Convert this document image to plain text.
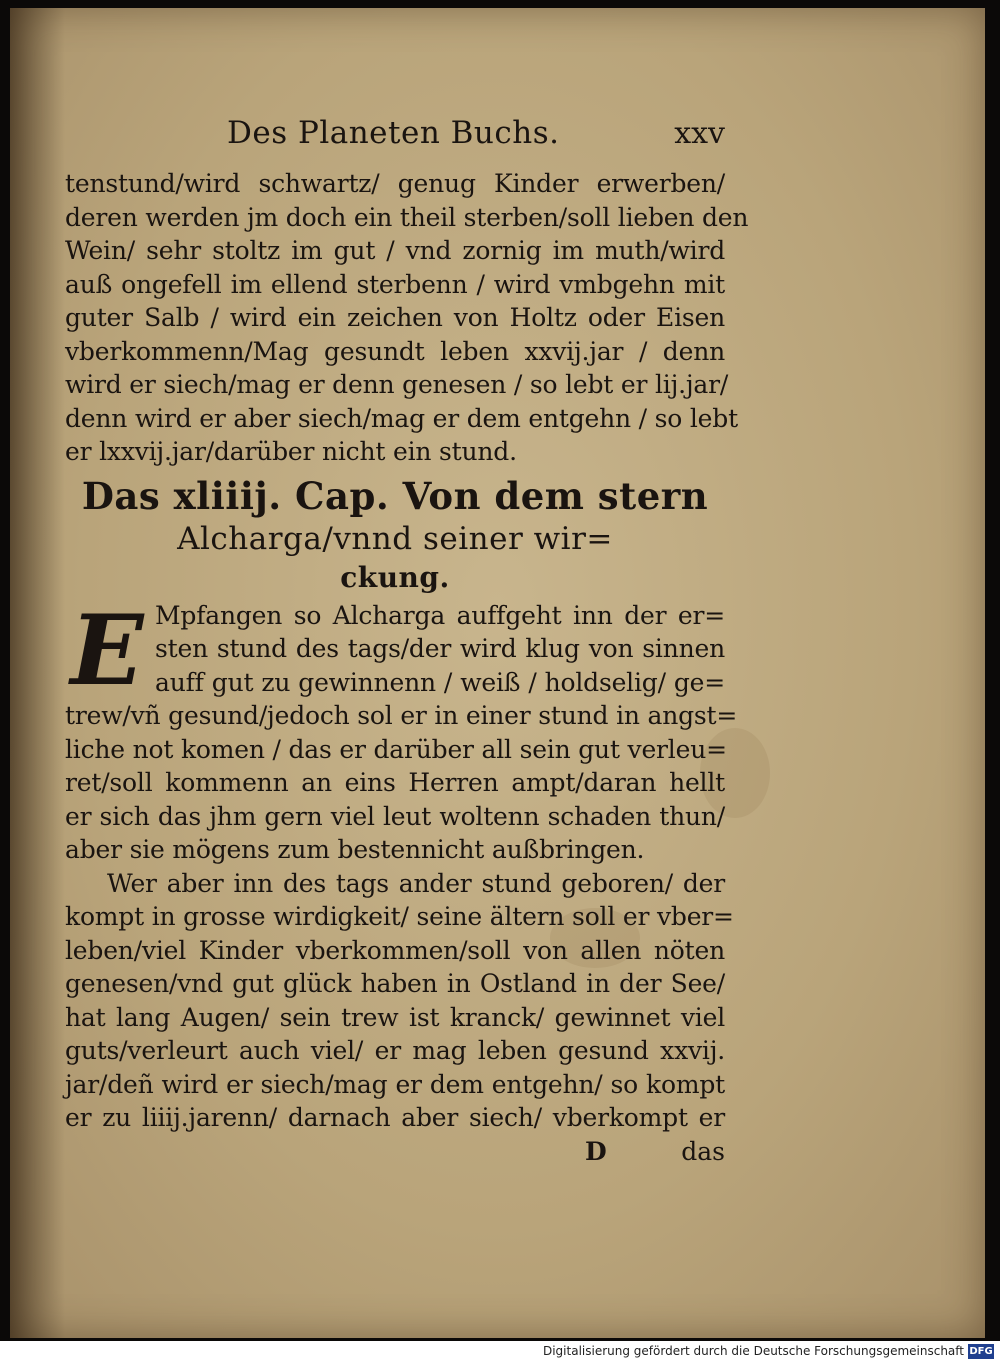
Des Planeten Buchs.	xxv
tenstund/wird schwartz/ genug Kinder erwerben/
deren werden jm doch ein theil sterben/soll lieben den
Wein/ sehr stoltz im gut / vnd zornig im muth/wird
auß ongefell im ellend sterbenn / wird vmbgehn mit
guter Salb / wird ein zeichen von Holtz oder Eisen
vberkommenn/Mag gesundt leben xxvij.jar / denn
wird er siech/mag er denn genesen / so lebt er lij.jar/
denn wird er aber siech/mag er dem entgehn / so lebt
er lxxvij.jar/darüber nicht ein stund.
Das xliiij. Cap. Von dem stern
Alcharga/vnnd seiner wir=
ckung.
E Mpfangen so Alcharga auffgeht inn der er=
sten stund des tags/der wird klug von sinnen
auff gut zu gewinnenn / weiß / holdselig/ ge=
trew/vñ gesund/jedoch sol er in einer stund in angst=
liche not komen / das er darüber all sein gut verleu=
ret/soll kommenn an eins Herren ampt/daran hellt
er sich das jhm gern viel leut woltenn schaden thun/
aber sie mögens zum bestennicht außbringen.
Wer aber inn des tags ander stund geboren/ der
kompt in grosse wirdigkeit/ seine ältern soll er vber=
leben/viel Kinder vberkommen/soll von allen nöten
genesen/vnd gut glück haben in Ostland in der See/
hat lang Augen/ sein trew ist kranck/ gewinnet viel
guts/verleurt auch viel/ er mag leben gesund xxvij.
jar/deñ wird er siech/mag er dem entgehn/ so kompt
er zu liiij.jarenn/ darnach aber siech/ vberkompt er
D	das
Digitalisierung gefördert durch die Deutsche Forschungsgemeinschaft DFG
